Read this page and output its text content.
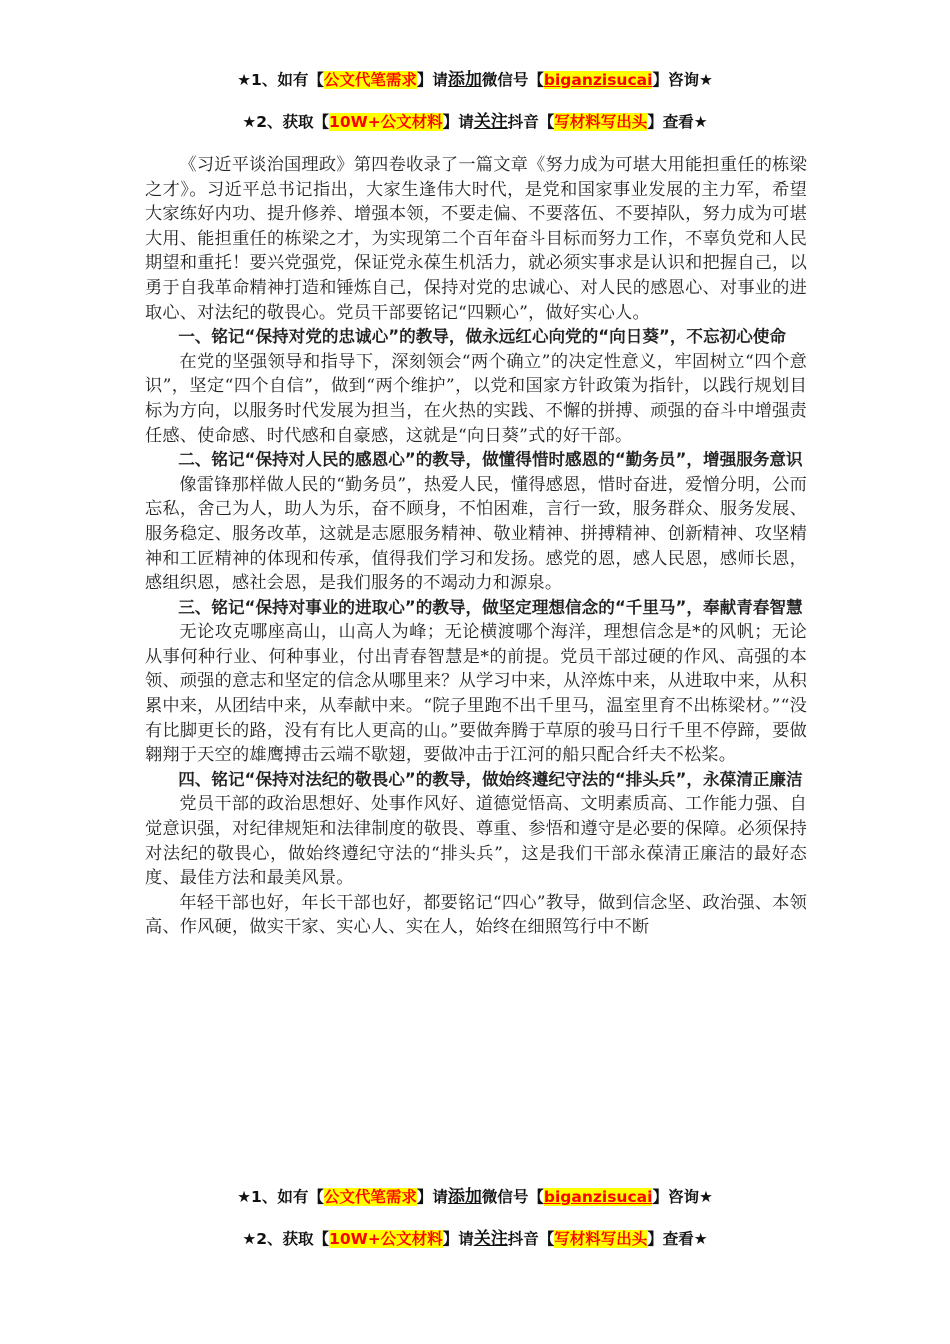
★1、如有【公文代笔需求】请添加微信号【biganzisucai】咨询★
★2、获取【10W+公文材料】请关注抖音【写材料写出头】查看★

《习近平谈治国理政》第四卷收录了一篇文章《努力成为可堪大用能担重任的栋梁之才》。习近平总书记指出，大家生逢伟大时代，是党和国家事业发展的主力军，希望大家练好内功、提升修养、增强本领，不要走偏、不要落伍、不要掉队，努力成为可堪大用、能担重任的栋梁之才，为实现第二个百年奋斗目标而努力工作，不辜负党和人民期望和重托！要兴党强党，保证党永葆生机活力，就必须实事求是认识和把握自己，以勇于自我革命精神打造和锤炼自己，保持对党的忠诚心、对人民的感恩心、对事业的进取心、对法纪的敬畏心。党员干部要铭记“四颗心”，做好实心人。

一、铭记“保持对党的忠诚心”的教导，做永远红心向党的“向日葵”，不忘初心使命

在党的坚强领导和指导下，深刻领会“两个确立”的决定性意义，牢固树立“四个意识”，坚定“四个自信”，做到“两个维护”，以党和国家方针政策为指针，以践行规划目标为方向，以服务时代发展为担当，在火热的实践、不懈的拼搏、顽强的奋斗中增强责任感、使命感、时代感和自豪感，这就是“向日葵”式的好干部。

二、铭记“保持对人民的感恩心”的教导，做懂得惜时感恩的“勤务员”，增强服务意识

像雷锋那样做人民的“勤务员”，热爱人民，懂得感恩，惜时奋进，爱憎分明，公而忘私，舍己为人，助人为乐，奋不顾身，不怕困难，言行一致，服务群众、服务发展、服务稳定、服务改革，这就是志愿服务精神、敬业精神、拼搏精神、创新精神、攻坚精神和工匠精神的体现和传承，值得我们学习和发扬。感党的恩，感人民恩，感师长恩，感组织恩，感社会恩，是我们服务的不竭动力和源泉。

三、铭记“保持对事业的进取心”的教导，做坚定理想信念的“千里马”，奉献青春智慧

无论攻克哪座高山，山高人为峰；无论横渡哪个海洋，理想信念是*的风帆；无论从事何种行业、何种事业，付出青春智慧是*的前提。党员干部过硬的作风、高强的本领、顽强的意志和坚定的信念从哪里来？从学习中来，从淬炼中来，从进取中来，从积累中来，从团结中来，从奉献中来。“院子里跑不出千里马，温室里育不出栋梁材。”“没有比脚更长的路，没有有比人更高的山。”要做奔腾于草原的骏马日行千里不停蹄，要做翱翔于天空的雄鹰搏击云端不歇翅，要做冲击于江河的船只配合纤夫不松桨。

四、铭记“保持对法纪的敬畏心”的教导，做始终遵纪守法的“排头兵”，永葆清正廉洁

党员干部的政治思想好、处事作风好、道德觉悟高、文明素质高、工作能力强、自觉意识强，对纪律规矩和法律制度的敬畏、尊重、参悟和遵守是必要的保障。必须保持对法纪的敬畏心，做始终遵纪守法的“排头兵”，这是我们干部永葆清正廉洁的最好态度、最佳方法和最美风景。

年轻干部也好，年长干部也好，都要铭记“四心”教导，做到信念坚、政治强、本领高、作风硬，做实干家、实心人、实在人，始终在细照笃行中不断

★1、如有【公文代笔需求】请添加微信号【biganzisucai】咨询★
★2、获取【10W+公文材料】请关注抖音【写材料写出头】查看★
